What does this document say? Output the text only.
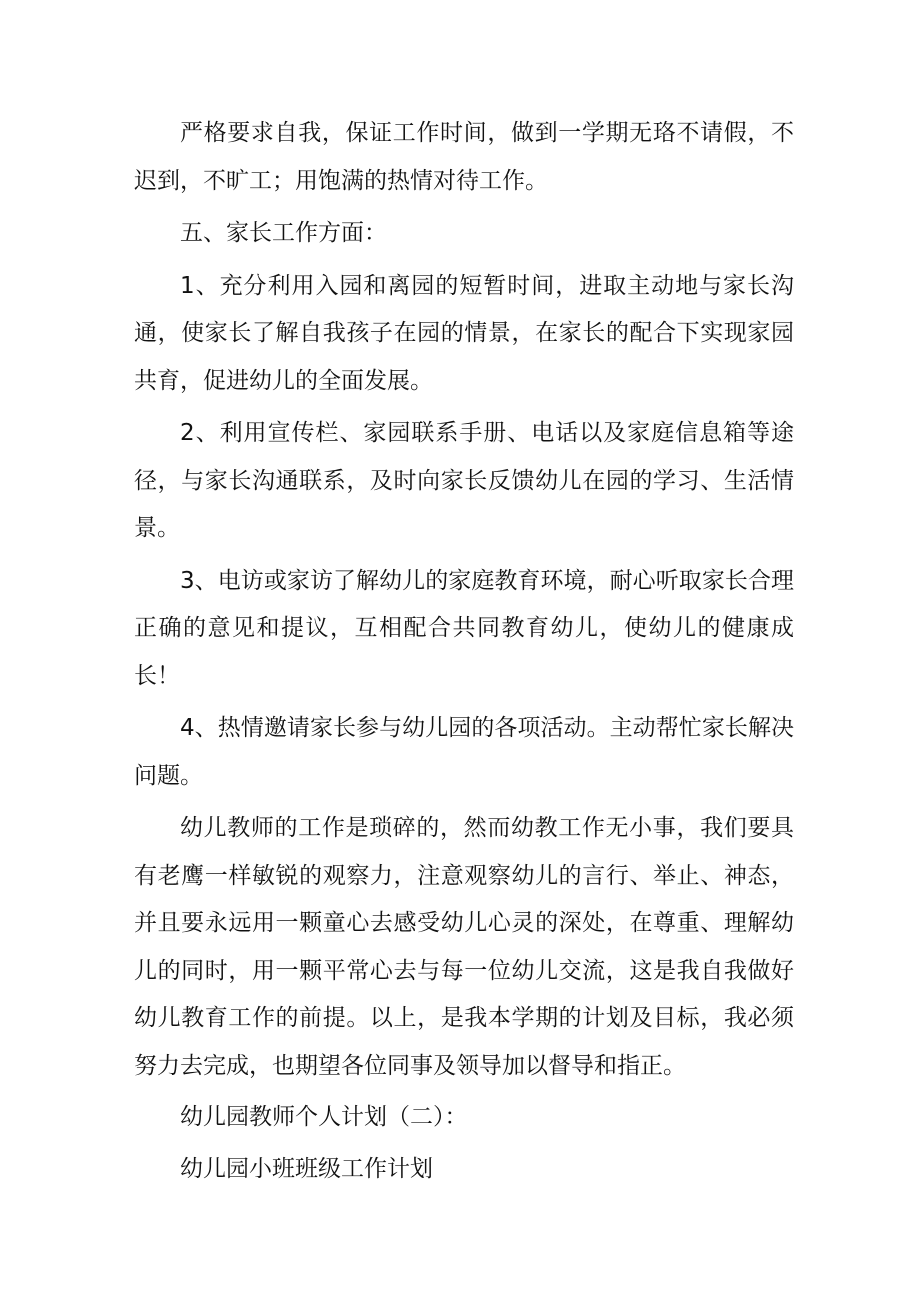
严格要求自我，保证工作时间，做到一学期无珞不请假，不迟到，不旷工；用饱满的热情对待工作。

五、家长工作方面：

1、充分利用入园和离园的短暂时间，进取主动地与家长沟通，使家长了解自我孩子在园的情景，在家长的配合下实现家园共育，促进幼儿的全面发展。

2、利用宣传栏、家园联系手册、电话以及家庭信息箱等途径，与家长沟通联系，及时向家长反馈幼儿在园的学习、生活情景。

3、电访或家访了解幼儿的家庭教育环境，耐心听取家长合理正确的意见和提议，互相配合共同教育幼儿，使幼儿的健康成长！

4、热情邀请家长参与幼儿园的各项活动。主动帮忙家长解决问题。

幼儿教师的工作是琐碎的，然而幼教工作无小事，我们要具有老鹰一样敏锐的观察力，注意观察幼儿的言行、举止、神态，并且要永远用一颗童心去感受幼儿心灵的深处，在尊重、理解幼儿的同时，用一颗平常心去与每一位幼儿交流，这是我自我做好幼儿教育工作的前提。以上，是我本学期的计划及目标，我必须努力去完成，也期望各位同事及领导加以督导和指正。

幼儿园教师个人计划（二）：

幼儿园小班班级工作计划
